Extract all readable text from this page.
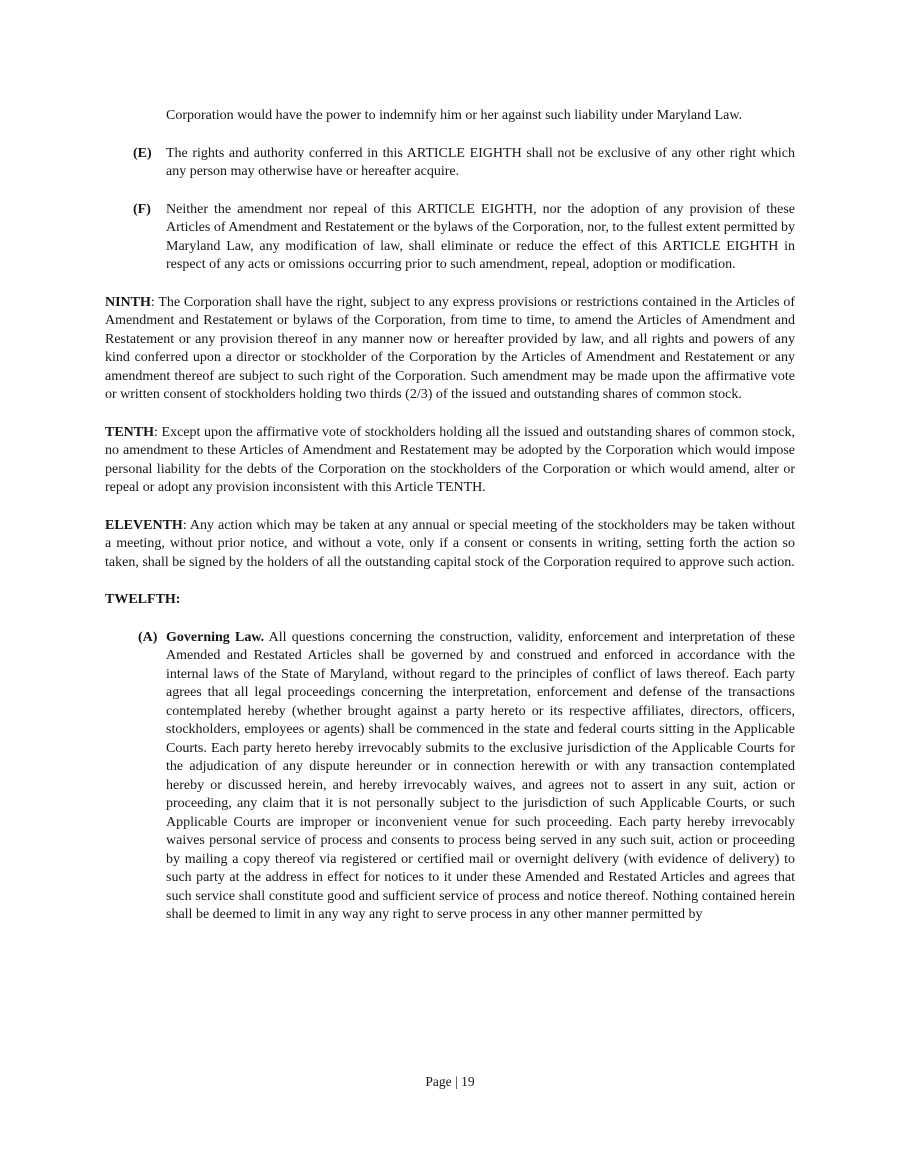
Corporation would have the power to indemnify him or her against such liability under Maryland Law.

(E) The rights and authority conferred in this ARTICLE EIGHTH shall not be exclusive of any other right which any person may otherwise have or hereafter acquire.
(F) Neither the amendment nor repeal of this ARTICLE EIGHTH, nor the adoption of any provision of these Articles of Amendment and Restatement or the bylaws of the Corporation, nor, to the fullest extent permitted by Maryland Law, any modification of law, shall eliminate or reduce the effect of this ARTICLE EIGHTH in respect of any acts or omissions occurring prior to such amendment, repeal, adoption or modification.

NINTH: The Corporation shall have the right, subject to any express provisions or restrictions contained in the Articles of Amendment and Restatement or bylaws of the Corporation, from time to time, to amend the Articles of Amendment and Restatement or any provision thereof in any manner now or hereafter provided by law, and all rights and powers of any kind conferred upon a director or stockholder of the Corporation by the Articles of Amendment and Restatement or any amendment thereof are subject to such right of the Corporation. Such amendment may be made upon the affirmative vote or written consent of stockholders holding two thirds (2/3) of the issued and outstanding shares of common stock.

TENTH: Except upon the affirmative vote of stockholders holding all the issued and outstanding shares of common stock, no amendment to these Articles of Amendment and Restatement may be adopted by the Corporation which would impose personal liability for the debts of the Corporation on the stockholders of the Corporation or which would amend, alter or repeal or adopt any provision inconsistent with this Article TENTH.

ELEVENTH: Any action which may be taken at any annual or special meeting of the stockholders may be taken without a meeting, without prior notice, and without a vote, only if a consent or consents in writing, setting forth the action so taken, shall be signed by the holders of all the outstanding capital stock of the Corporation required to approve such action.

TWELFTH:

(A) Governing Law. All questions concerning the construction, validity, enforcement and interpretation of these Amended and Restated Articles shall be governed by and construed and enforced in accordance with the internal laws of the State of Maryland, without regard to the principles of conflict of laws thereof. Each party agrees that all legal proceedings concerning the interpretation, enforcement and defense of the transactions contemplated hereby (whether brought against a party hereto or its respective affiliates, directors, officers, stockholders, employees or agents) shall be commenced in the state and federal courts sitting in the Applicable Courts. Each party hereto hereby irrevocably submits to the exclusive jurisdiction of the Applicable Courts for the adjudication of any dispute hereunder or in connection herewith or with any transaction contemplated hereby or discussed herein, and hereby irrevocably waives, and agrees not to assert in any suit, action or proceeding, any claim that it is not personally subject to the jurisdiction of such Applicable Courts, or such Applicable Courts are improper or inconvenient venue for such proceeding. Each party hereby irrevocably waives personal service of process and consents to process being served in any such suit, action or proceeding by mailing a copy thereof via registered or certified mail or overnight delivery (with evidence of delivery) to such party at the address in effect for notices to it under these Amended and Restated Articles and agrees that such service shall constitute good and sufficient service of process and notice thereof. Nothing contained herein shall be deemed to limit in any way any right to serve process in any other manner permitted by
Page | 19
